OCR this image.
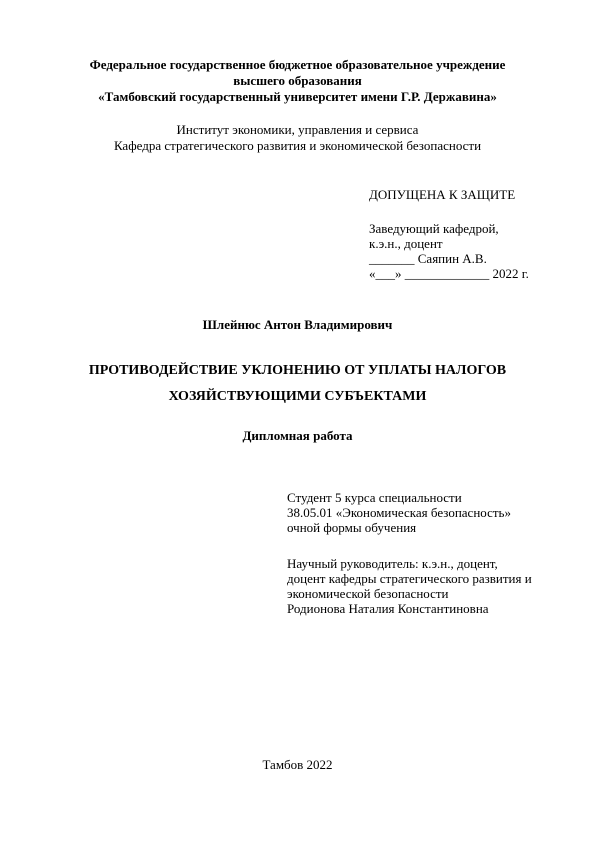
Федеральное государственное бюджетное образовательное учреждение
высшего образования
«Тамбовский государственный университет имени Г.Р. Державина»
Институт экономики, управления и сервиса
Кафедра стратегического развития и экономической безопасности
ДОПУЩЕНА К ЗАЩИТЕ
Заведующий кафедрой,
к.э.н., доцент
_______ Саяпин А.В.
«___» _____________ 2022 г.
Шлейнюс Антон Владимирович
ПРОТИВОДЕЙСТВИЕ УКЛОНЕНИЮ ОТ УПЛАТЫ НАЛОГОВ
ХОЗЯЙСТВУЮЩИМИ СУБЪЕКТАМИ
Дипломная работа
Студент 5 курса специальности
38.05.01 «Экономическая безопасность»
очной формы обучения
Научный руководитель: к.э.н., доцент,
доцент кафедры стратегического развития и
экономической безопасности
Родионова Наталия Константиновна
Тамбов 2022
